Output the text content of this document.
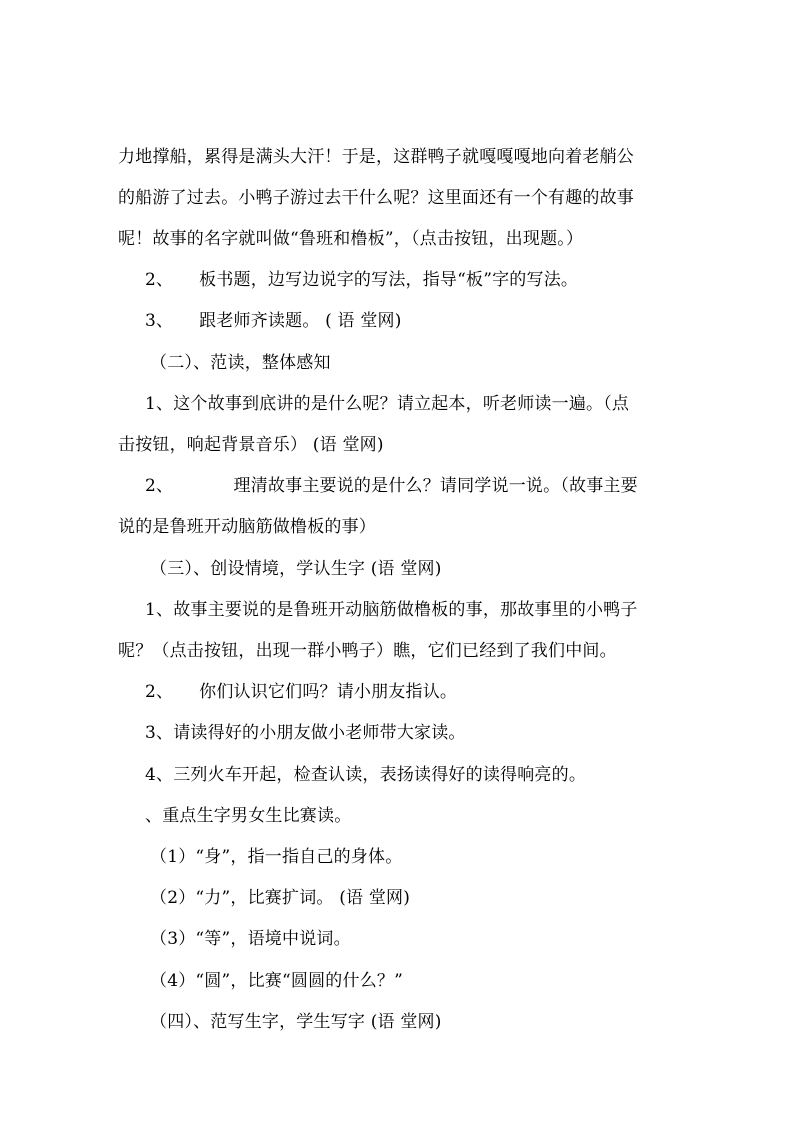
力地撑船，累得是满头大汗！于是，这群鸭子就嘎嘎嘎地向着老艄公
的船游了过去。小鸭子游过去干什么呢？这里面还有一个有趣的故事
呢！故事的名字就叫做“鲁班和橹板”，（点击按钮，出现题。）
2、　　板书题，边写边说字的写法，指导“板”字的写法。
3、　　跟老师齐读题。 ( 语 堂网)
（二）、范读，整体感知
1、这个故事到底讲的是什么呢？请立起本，听老师读一遍。（点
击按钮，响起背景音乐） (语 堂网)
2、　　　　理清故事主要说的是什么？请同学说一说。（故事主要
说的是鲁班开动脑筋做橹板的事）
（三）、创设情境，学认生字 (语 堂网)
1、故事主要说的是鲁班开动脑筋做橹板的事，那故事里的小鸭子
呢？（点击按钮，出现一群小鸭子）瞧，它们已经到了我们中间。
2、　　你们认识它们吗？请小朋友指认。
3、请读得好的小朋友做小老师带大家读。
4、三列火车开起，检查认读，表扬读得好的读得响亮的。
、重点生字男女生比赛读。
（1）“身”，指一指自己的身体。
（2）“力”，比赛扩词。 (语 堂网)
（3）“等”，语境中说词。
（4）“圆”，比赛“圆圆的什么？”
（四）、范写生字，学生写字 (语 堂网)
